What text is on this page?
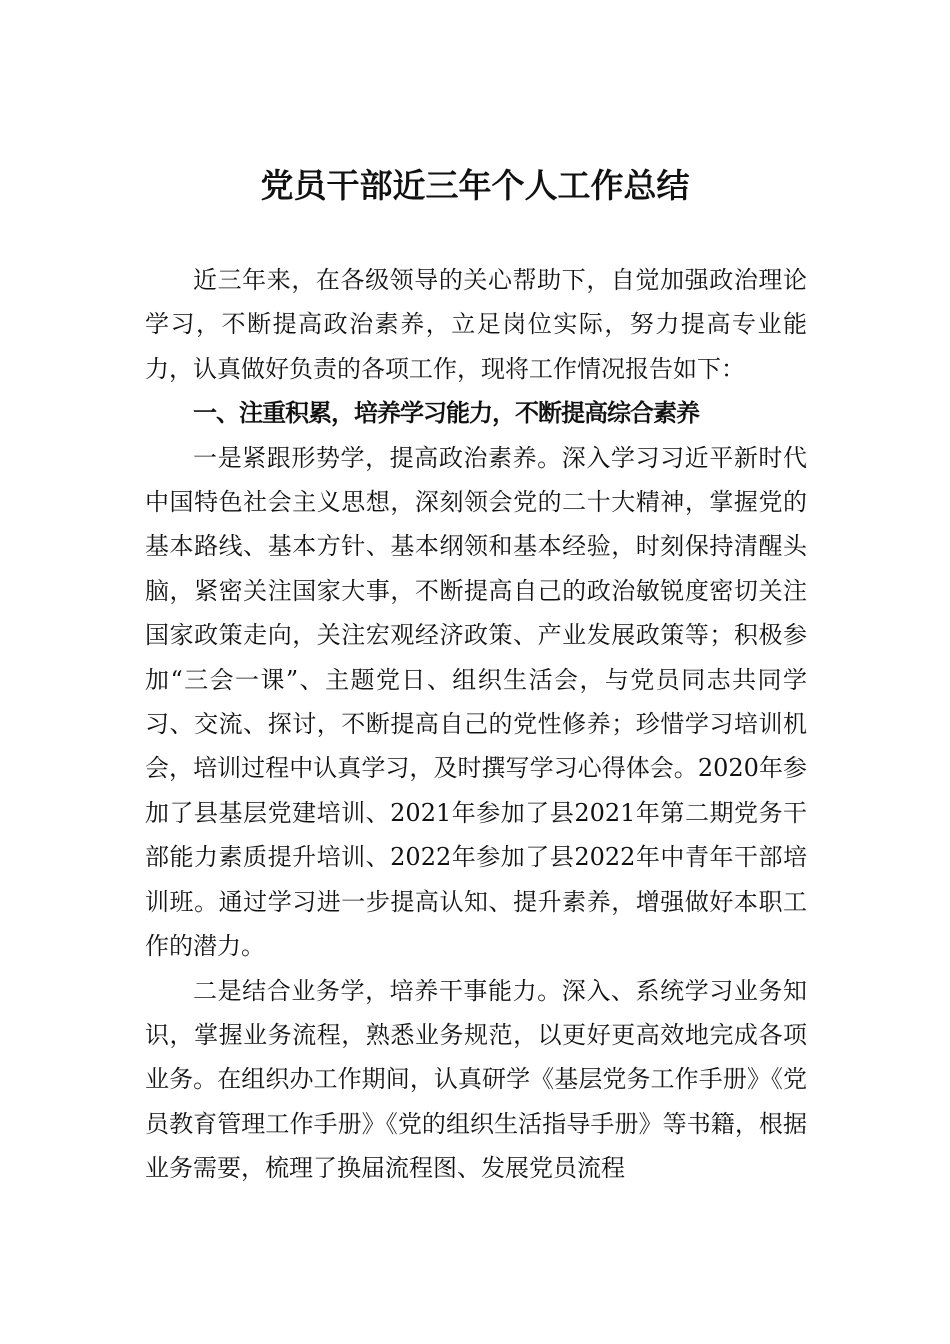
党员干部近三年个人工作总结

近三年来，在各级领导的关心帮助下，自觉加强政治理论学习，不断提高政治素养，立足岗位实际，努力提高专业能力，认真做好负责的各项工作，现将工作情况报告如下：

一、注重积累，培养学习能力，不断提高综合素养

一是紧跟形势学，提高政治素养。深入学习习近平新时代中国特色社会主义思想，深刻领会党的二十大精神，掌握党的基本路线、基本方针、基本纲领和基本经验，时刻保持清醒头脑，紧密关注国家大事，不断提高自己的政治敏锐度密切关注国家政策走向，关注宏观经济政策、产业发展政策等；积极参加“三会一课”、主题党日、组织生活会，与党员同志共同学习、交流、探讨，不断提高自己的党性修养；珍惜学习培训机会，培训过程中认真学习，及时撰写学习心得体会。2020年参加了县基层党建培训、2021年参加了县2021年第二期党务干部能力素质提升培训、2022年参加了县2022年中青年干部培训班。通过学习进一步提高认知、提升素养，增强做好本职工作的潜力。

二是结合业务学，培养干事能力。深入、系统学习业务知识，掌握业务流程，熟悉业务规范，以更好更高效地完成各项业务。在组织办工作期间，认真研学《基层党务工作手册》《党员教育管理工作手册》《党的组织生活指导手册》等书籍，根据业务需要，梳理了换届流程图、发展党员流程
